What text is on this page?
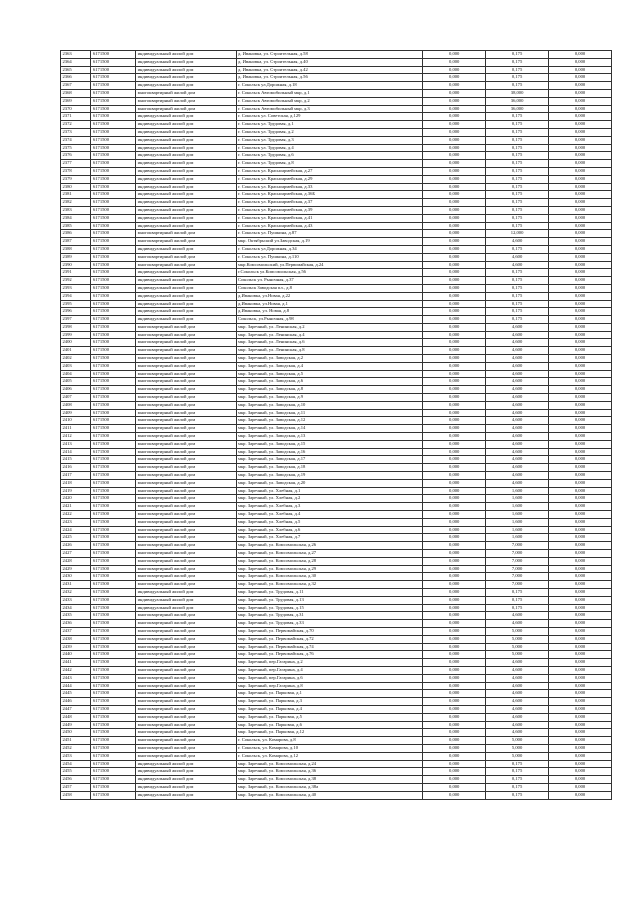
2363	6171500	индивидуальный жилой дом	д. Ивановка, ул. Строительная, д.58	0,000	0,175	0,000
2364	6171500	индивидуальный жилой дом	д. Ивановка, ул. Строительная, д.40	0,000	0,175	0,000
2365	6171500	индивидуальный жилой дом	д. Ивановка, ул. Строительная, д.42	0,000	0,175	0,000
2366	6171500	индивидуальный жилой дом	д. Ивановка, ул. Строительная, д.56	0,000	0,175	0,000
2367	6171500	индивидуальный жилой дом	г. Сокольск ул.Дорожная, д.18	0,000	0,175	0,000
2368	6171500	многоквартирный жилой дом	г. Сокольск Автомобильный мкр, д.1	0,000	38,000	0,000
2369	6171500	многоквартирный жилой дом	г. Сокольск Автомобильный мкр, д.2	0,000	36,000	0,000
2370	6171500	многоквартирный жилой дом	г. Сокольск Автомобильный мкр, д.3	0,000	36,000	0,000
2371	6171500	индивидуальный жилой дом	г. Сокольск ул. Советская, д.129	0,000	0,175	0,000
2372	6171500	индивидуальный жилой дом	г. Сокольск ул. Трудовая, д.1	0,000	0,175	0,000
2373	6171500	индивидуальный жилой дом	г. Сокольск ул. Трудовая, д.2	0,000	0,175	0,000
2374	6171500	индивидуальный жилой дом	г. Сокольск ул. Трудовая, д.3	0,000	0,175	0,000
2375	6171500	индивидуальный жилой дом	г. Сокольск ул. Трудовая, д.4	0,000	0,175	0,000
2376	6171500	индивидуальный жилой дом	г. Сокольск ул. Трудовая, д.6	0,000	0,175	0,000
2377	6171500	индивидуальный жилой дом	г. Сокольск ул. Трудовая, д.8	0,000	0,175	0,000
2378	6171500	индивидуальный жилой дом	г. Сокольск ул. Красноармейская, д.27	0,000	0,175	0,000
2379	6171500	индивидуальный жилой дом	г. Сокольск ул. Красноармейская, д.29	0,000	0,175	0,000
2380	6171500	индивидуальный жилой дом	г. Сокольск ул. Красноармейская, д.33	0,000	0,175	0,000
2381	6171500	индивидуальный жилой дом	г. Сокольск ул. Красноармейская, д.36Б	0,000	0,175	0,000
2382	6171500	индивидуальный жилой дом	г. Сокольск ул. Красноармейская, д.37	0,000	0,175	0,000
2383	6171500	индивидуальный жилой дом	г. Сокольск ул. Красноармейская, д.39	0,000	0,175	0,000
2384	6171500	индивидуальный жилой дом	г. Сокольск ул. Красноармейская, д.41	0,000	0,175	0,000
2385	6171500	индивидуальный жилой дом	г. Сокольск ул. Красноармейская, д.43	0,000	0,175	0,000
2386	6171500	многоквартирный жилой дом	г. Сокольск ул. Пушкина, д.87	0,000	12,000	0,000
2387	6171500	многоквартирный жилой дом	мкр. Октябрьский ул.Заводская, д.19	0,000	4,600	0,000
2388	6171500	индивидуальный жилой дом	г. Сокольск ул.Дорожная, д.34	0,000	0,175	0,000
2389	6171500	многоквартирный жилой дом	г. Сокольск ул. Пушкина, д.110	0,000	4,600	0,000
2390	6171500	многоквартирный жилой дом	мкр.Комсомольский, ул.Первомайская, д.24	0,000	4,600	0,000
2391	6171500	индивидуальный жилой дом	г.Сокольск ул.Комсомольская, д.56	0,000	0,175	0,000
2392	6171500	индивидуальный жилой дом	Сокольск ул. Рыночная, д.37	0,000	0,175	0,000
2393	6171500	индивидуальный жилой дом	Сокольск Заводская пл., д.8	0,000	0,175	0,000
2394	6171500	индивидуальный жилой дом	д.Ивановка, ул.Новая, д.22	0,000	0,175	0,000
2395	6171500	индивидуальный жилой дом	д.Ивановка, ул.Новая, д.1	0,000	0,175	0,000
2396	6171500	индивидуальный жилой дом	д.Ивановка, ул. Новая, д.8	0,000	0,175	0,000
2397	6171500	индивидуальный жилой дом	Сокольск, ул.Рыночная, д.98	0,000	0,175	0,000
2398	6171500	многоквартирный жилой дом	мкр. Заречный, ул. Ленинская, д.2	0,000	4,600	0,000
2399	6171500	многоквартирный жилой дом	мкр. Заречный, ул. Ленинская, д.4	0,000	4,600	0,000
2400	6171500	многоквартирный жилой дом	мкр. Заречный, ул. Ленинская, д.6	0,000	4,600	0,000
2401	6171500	многоквартирный жилой дом	мкр. Заречный, ул. Ленинская, д.8	0,000	4,600	0,000
2402	6171500	многоквартирный жилой дом	мкр. Заречный, ул. Заводская, д.2	0,000	4,600	0,000
2403	6171500	многоквартирный жилой дом	мкр. Заречный, ул. Заводская, д.4	0,000	4,600	0,000
2404	6171500	многоквартирный жилой дом	мкр. Заречный, ул. Заводская, д.5	0,000	4,600	0,000
2405	6171500	многоквартирный жилой дом	мкр. Заречный, ул. Заводская, д.6	0,000	4,600	0,000
2406	6171500	многоквартирный жилой дом	мкр. Заречный, ул. Заводская, д.8	0,000	4,600	0,000
2407	6171500	многоквартирный жилой дом	мкр. Заречный, ул. Заводская, д.9	0,000	4,600	0,000
2408	6171500	многоквартирный жилой дом	мкр. Заречный, ул. Заводская, д.10	0,000	4,600	0,000
2409	6171500	многоквартирный жилой дом	мкр. Заречный, ул. Заводская, д.11	0,000	4,600	0,000
2410	6171500	многоквартирный жилой дом	мкр. Заречный, ул. Заводская, д.12	0,000	4,600	0,000
2411	6171500	многоквартирный жилой дом	мкр. Заречный, ул. Заводская, д.14	0,000	4,600	0,000
2412	6171500	многоквартирный жилой дом	мкр. Заречный, ул. Заводская, д.13	0,000	4,600	0,000
2413	6171500	многоквартирный жилой дом	мкр. Заречный, ул. Заводская, д.15	0,000	4,600	0,000
2414	6171500	многоквартирный жилой дом	мкр. Заречный, ул. Заводская, д.16	0,000	4,600	0,000
2415	6171500	многоквартирный жилой дом	мкр. Заречный, ул. Заводская, д.17	0,000	4,600	0,000
2416	6171500	многоквартирный жилой дом	мкр. Заречный, ул. Заводская, д.18	0,000	4,600	0,000
2417	6171500	многоквартирный жилой дом	мкр. Заречный, ул. Заводская, д.19	0,000	4,600	0,000
2418	6171500	многоквартирный жилой дом	мкр. Заречный, ул. Заводская, д.20	0,000	4,600	0,000
2419	6171500	многоквартирный жилой дом	мкр. Заречный, ул. Хлебная, д.1	0,000	1,600	0,000
2420	6171500	многоквартирный жилой дом	мкр. Заречный, ул. Хлебная, д.2	0,000	1,600	0,000
2421	6171500	многоквартирный жилой дом	мкр. Заречный, ул. Хлебная, д.3	0,000	1,600	0,000
2422	6171500	многоквартирный жилой дом	мкр. Заречный, ул. Хлебная, д.4	0,000	1,600	0,000
2423	6171500	многоквартирный жилой дом	мкр. Заречный, ул. Хлебная, д.5	0,000	1,600	0,000
2424	6171500	многоквартирный жилой дом	мкр. Заречный, ул. Хлебная, д.6	0,000	1,600	0,000
2425	6171500	многоквартирный жилой дом	мкр. Заречный, ул. Хлебная, д.7	0,000	1,600	0,000
2426	6171500	многоквартирный жилой дом	мкр. Заречный, ул. Комсомольская, д.26	0,000	7,000	0,000
2427	6171500	многоквартирный жилой дом	мкр. Заречный, ул. Комсомольская, д.27	0,000	7,000	0,000
2428	6171500	многоквартирный жилой дом	мкр. Заречный, ул. Комсомольская, д.28	0,000	7,000	0,000
2429	6171500	многоквартирный жилой дом	мкр. Заречный, ул. Комсомольская, д.29	0,000	7,000	0,000
2430	6171500	многоквартирный жилой дом	мкр. Заречный, ул. Комсомольская, д.30	0,000	7,000	0,000
2431	6171500	многоквартирный жилой дом	мкр. Заречный, ул. Комсомольская, д.32	0,000	7,000	0,000
2432	6171500	индивидуальный жилой дом	мкр. Заречный, ул. Трудовая, д.11	0,000	0,175	0,000
2433	6171500	индивидуальный жилой дом	мкр. Заречный, ул. Трудовая, д.13	0,000	0,175	0,000
2434	6171500	индивидуальный жилой дом	мкр. Заречный, ул. Трудовая, д.15	0,000	0,175	0,000
2435	6171500	многоквартирный жилой дом	мкр. Заречный, ул. Трудовая, д.31	0,000	4,600	0,000
2436	6171500	многоквартирный жилой дом	мкр. Заречный, ул. Трудовая, д.33	0,000	4,600	0,000
2437	6171500	многоквартирный жилой дом	мкр. Заречный, ул. Первомайская, д.70	0,000	5,000	0,000
2438	6171500	многоквартирный жилой дом	мкр. Заречный, ул. Первомайская, д.72	0,000	5,000	0,000
2439	6171500	многоквартирный жилой дом	мкр. Заречный, ул. Первомайская, д.74	0,000	5,000	0,000
2440	6171500	многоквартирный жилой дом	мкр. Заречный, ул. Первомайская, д.76	0,000	5,000	0,000
2441	6171500	многоквартирный жилой дом	мкр. Заречный, пер.Гагарина, д.2	0,000	4,600	0,000
2442	6171500	многоквартирный жилой дом	мкр. Заречный, пер.Гагарина, д.4	0,000	4,600	0,000
2443	6171500	многоквартирный жилой дом	мкр. Заречный, пер.Гагарина, д.6	0,000	4,600	0,000
2444	6171500	многоквартирный жилой дом	мкр. Заречный, пер.Гагарина, д.8	0,000	4,600	0,000
2445	6171500	многоквартирный жилой дом	мкр. Заречный, ул. Парковая, д.1	0,000	4,600	0,000
2446	6171500	многоквартирный жилой дом	мкр. Заречный, ул. Парковая, д.3	0,000	4,600	0,000
2447	6171500	многоквартирный жилой дом	мкр. Заречный, ул. Парковая, д.4	0,000	4,600	0,000
2448	6171500	многоквартирный жилой дом	мкр. Заречный, ул. Парковая, д.5	0,000	4,600	0,000
2449	6171500	многоквартирный жилой дом	мкр. Заречный, ул. Парковая, д.6	0,000	4,600	0,000
2450	6171500	многоквартирный жилой дом	мкр. Заречный, ул. Парковая, д.12	0,000	4,600	0,000
2451	6171500	многоквартирный жилой дом	г. Сокольск, ул. Комарова, д.8	0,000	5,000	0,000
2452	6171500	многоквартирный жилой дом	г. Сокольск, ул. Комарова, д.10	0,000	5,000	0,000
2453	6171500	многоквартирный жилой дом	г. Сокольск, ул. Комарова, д.12	0,000	5,000	0,000
2454	6171500	индивидуальный жилой дом	мкр. Заречный, ул. Комсомольская, д.24	0,000	0,175	0,000
2455	6171500	индивидуальный жилой дом	мкр. Заречный, ул. Комсомольская, д.36	0,000	0,175	0,000
2456	6171500	индивидуальный жилой дом	мкр. Заречный, ул. Комсомольская, д.38	0,000	0,175	0,000
2457	6171500	индивидуальный жилой дом	мкр. Заречный, ул. Комсомольская, д.38а	0,000	0,175	0,000
2458	6171500	индивидуальный жилой дом	мкр. Заречный, ул. Комсомольская, д.40	0,000	0,175	0,000
